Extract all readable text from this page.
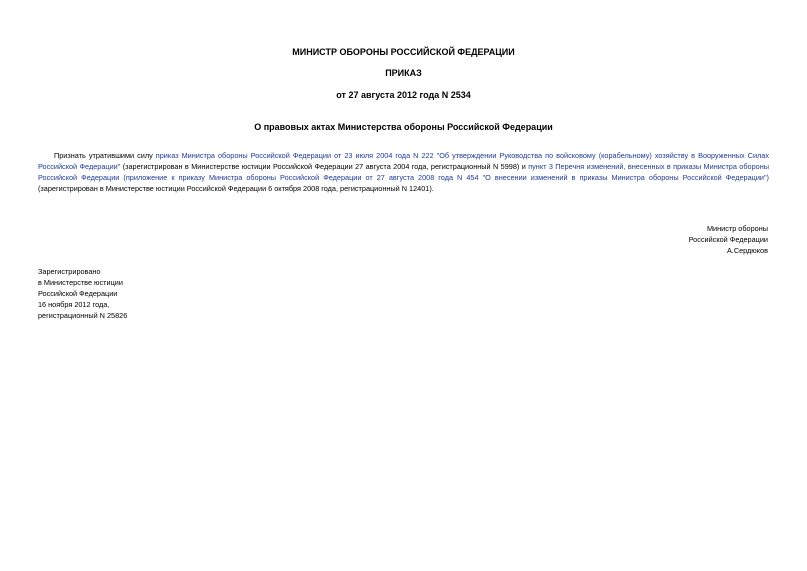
МИНИСТР ОБОРОНЫ РОССИЙСКОЙ ФЕДЕРАЦИИ
ПРИКАЗ
от 27 августа 2012 года N 2534
О правовых актах Министерства обороны Российской Федерации

Признать утратившими силу приказ Министра обороны Российской Федерации от 23 июля 2004 года N 222 "Об утверждении Руководства по войсковому (корабельному) хозяйству в Вооруженных Силах Российской Федерации" (зарегистрирован в Министерстве юстиции Российской Федерации 27 августа 2004 года, регистрационный N 5998) и пункт 3 Перечня изменений, внесенных в приказы Министра обороны Российской Федерации (приложение к приказу Министра обороны Российской Федерации от 27 августа 2008 года N 454 "О внесении изменений в приказы Министра обороны Российской Федерации") (зарегистрирован в Министерстве юстиции Российской Федерации 6 октября 2008 года, регистрационный N 12401).

Министр обороны
Российской Федерации
А.Сердюков
Зарегистрировано
в Министерстве юстиции
Российской Федерации
16 ноября 2012 года,
регистрационный N 25826
